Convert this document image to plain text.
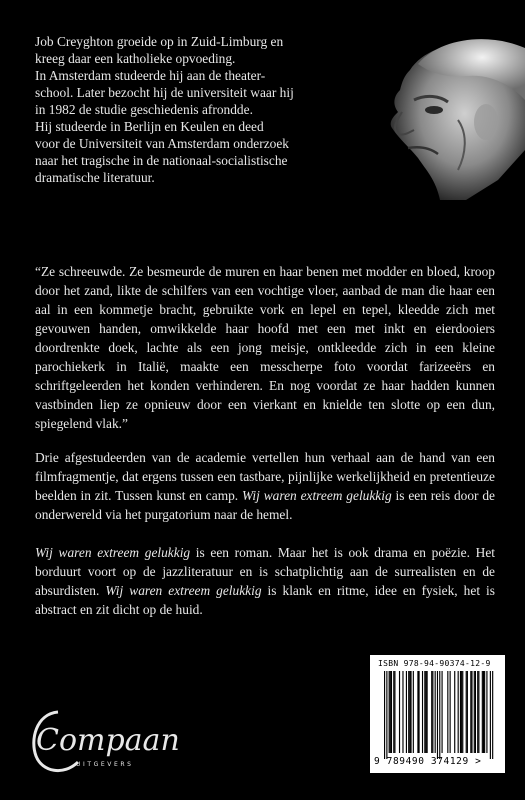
Job Creyghton groeide op in Zuid-Limburg en

kreeg daar een katholieke opvoeding.

In Amsterdam studeerde hij aan de theater-

school. Later bezocht hij de universiteit waar hij

in 1982 de studie geschiedenis afrondde.

Hij studeerde in Berlijn en Keulen en deed

voor de Universiteit van Amsterdam onderzoek

naar het tragische in de nationaal-socialistische

dramatische literatuur.

“Ze schreeuwde. Ze besmeurde de muren en haar benen met modder en bloed, kroop door het zand, likte de schilfers van een vochtige vloer, aanbad de man die haar een aal in een kommetje bracht, gebruikte vork en lepel en tepel, kleedde zich met gevouwen handen, omwikkelde haar hoofd met een met inkt en eierdooiers doordrenkte doek, lachte als een jong meisje, ontkleedde zich in een kleine parochiekerk in Italië, maakte een messcherpe foto voordat farizeeërs en schriftgeleerden het konden verhinderen. En nog voordat ze haar hadden kunnen vastbinden liep ze opnieuw door een vierkant en knielde ten slotte op een dun, spiegelend vlak.”

Drie afgestudeerden van de academie vertellen hun verhaal aan de hand van een filmfragmentje, dat ergens tussen een tastbare, pijnlijke werkelijkheid en pretentieuze beelden in zit. Tussen kunst en camp. Wij waren extreem gelukkig is een reis door de onderwereld via het purgatorium naar de hemel.

Wij waren extreem gelukkig is een roman. Maar het is ook drama en poëzie. Het borduurt voort op de jazzliteratuur en is schatplichtig aan de surrealisten en de absurdisten. Wij waren extreem gelukkig is klank en ritme, idee en fysiek, het is abstract en zit dicht op de huid.

Compaan
UITGEVERS
ISBN 978-94-90374-12-9
9 789490 374129 >
